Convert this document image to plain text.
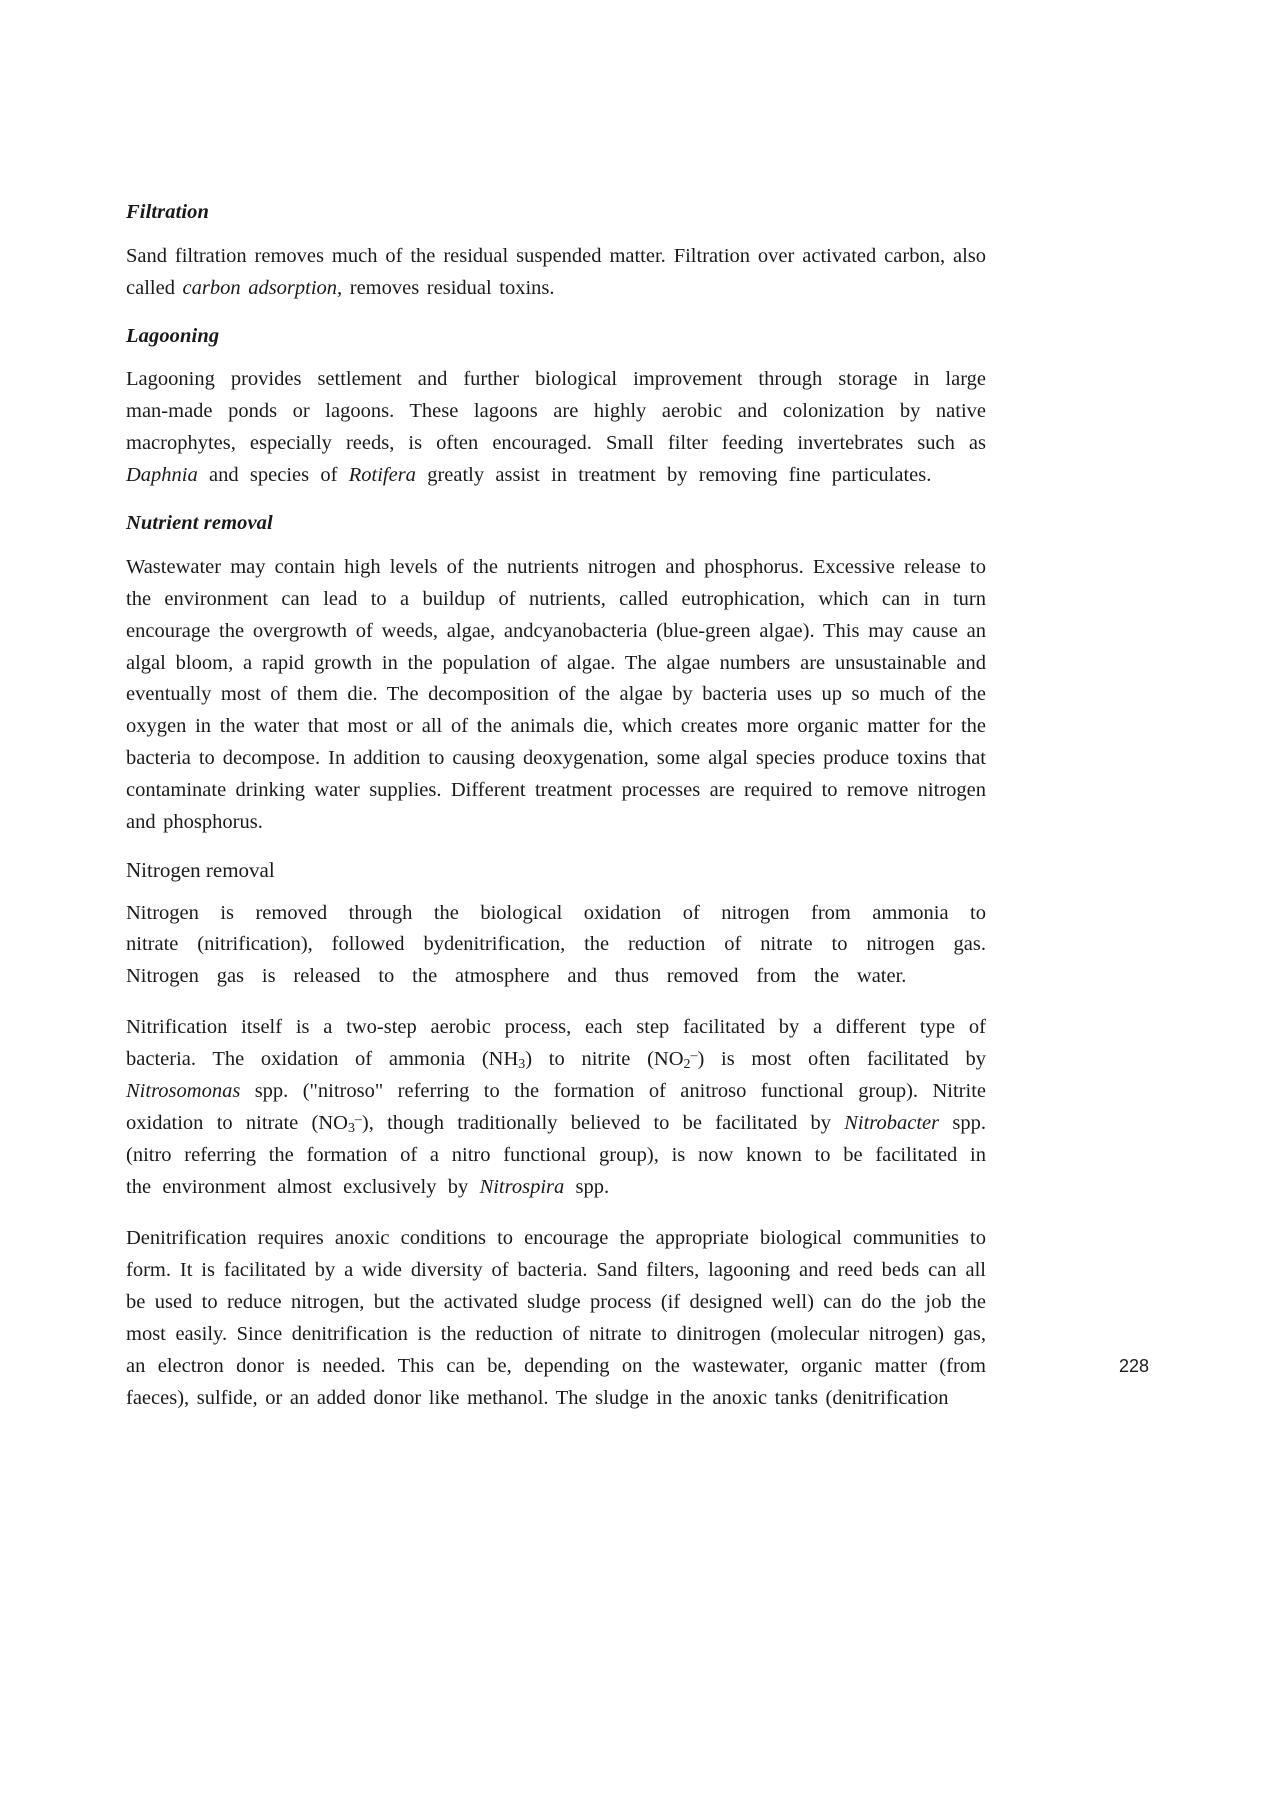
Filtration

Sand filtration removes much of the residual suspended matter. Filtration over activated carbon, also called carbon adsorption, removes residual toxins.

Lagooning

Lagooning provides settlement and further biological improvement through storage in large man-made ponds or lagoons. These lagoons are highly aerobic and colonization by native macrophytes, especially reeds, is often encouraged. Small filter feeding invertebrates such as Daphnia and species of Rotifera greatly assist in treatment by removing fine particulates.

Nutrient removal

Wastewater may contain high levels of the nutrients nitrogen and phosphorus. Excessive release to the environment can lead to a buildup of nutrients, called eutrophication, which can in turn encourage the overgrowth of weeds, algae, andcyanobacteria (blue-green algae). This may cause an algal bloom, a rapid growth in the population of algae. The algae numbers are unsustainable and eventually most of them die. The decomposition of the algae by bacteria uses up so much of the oxygen in the water that most or all of the animals die, which creates more organic matter for the bacteria to decompose. In addition to causing deoxygenation, some algal species produce toxins that contaminate drinking water supplies. Different treatment processes are required to remove nitrogen and phosphorus.

Nitrogen removal

Nitrogen is removed through the biological oxidation of nitrogen from ammonia to nitrate (nitrification), followed bydenitrification, the reduction of nitrate to nitrogen gas. Nitrogen gas is released to the atmosphere and thus removed from the water.

Nitrification itself is a two-step aerobic process, each step facilitated by a different type of bacteria. The oxidation of ammonia $(NH_3)$ to nitrite $(NO_2^-)$ is most often facilitated by Nitrosomonas spp. ("nitroso" referring to the formation of anitroso functional group). Nitrite oxidation to nitrate $(NO_3^-)$, though traditionally believed to be facilitated by Nitrobacter spp. (nitro referring the formation of a nitro functional group), is now known to be facilitated in the environment almost exclusively by Nitrospira spp.

Denitrification requires anoxic conditions to encourage the appropriate biological communities to form. It is facilitated by a wide diversity of bacteria. Sand filters, lagooning and reed beds can all be used to reduce nitrogen, but the activated sludge process (if designed well) can do the job the most easily. Since denitrification is the reduction of nitrate to dinitrogen (molecular nitrogen) gas, an electron donor is needed. This can be, depending on the wastewater, organic matter (from faeces), sulfide, or an added donor like methanol. The sludge in the anoxic tanks (denitrification

228
